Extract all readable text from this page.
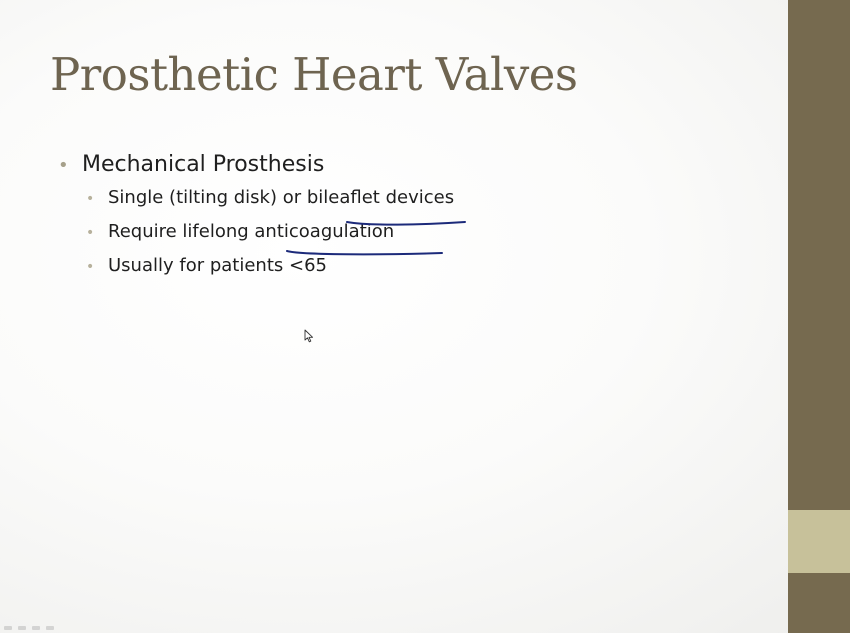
Prosthetic Heart Valves
• Mechanical Prosthesis
• Single (tilting disk) or bileaflet devices
• Require lifelong anticoagulation
• Usually for patients <65
